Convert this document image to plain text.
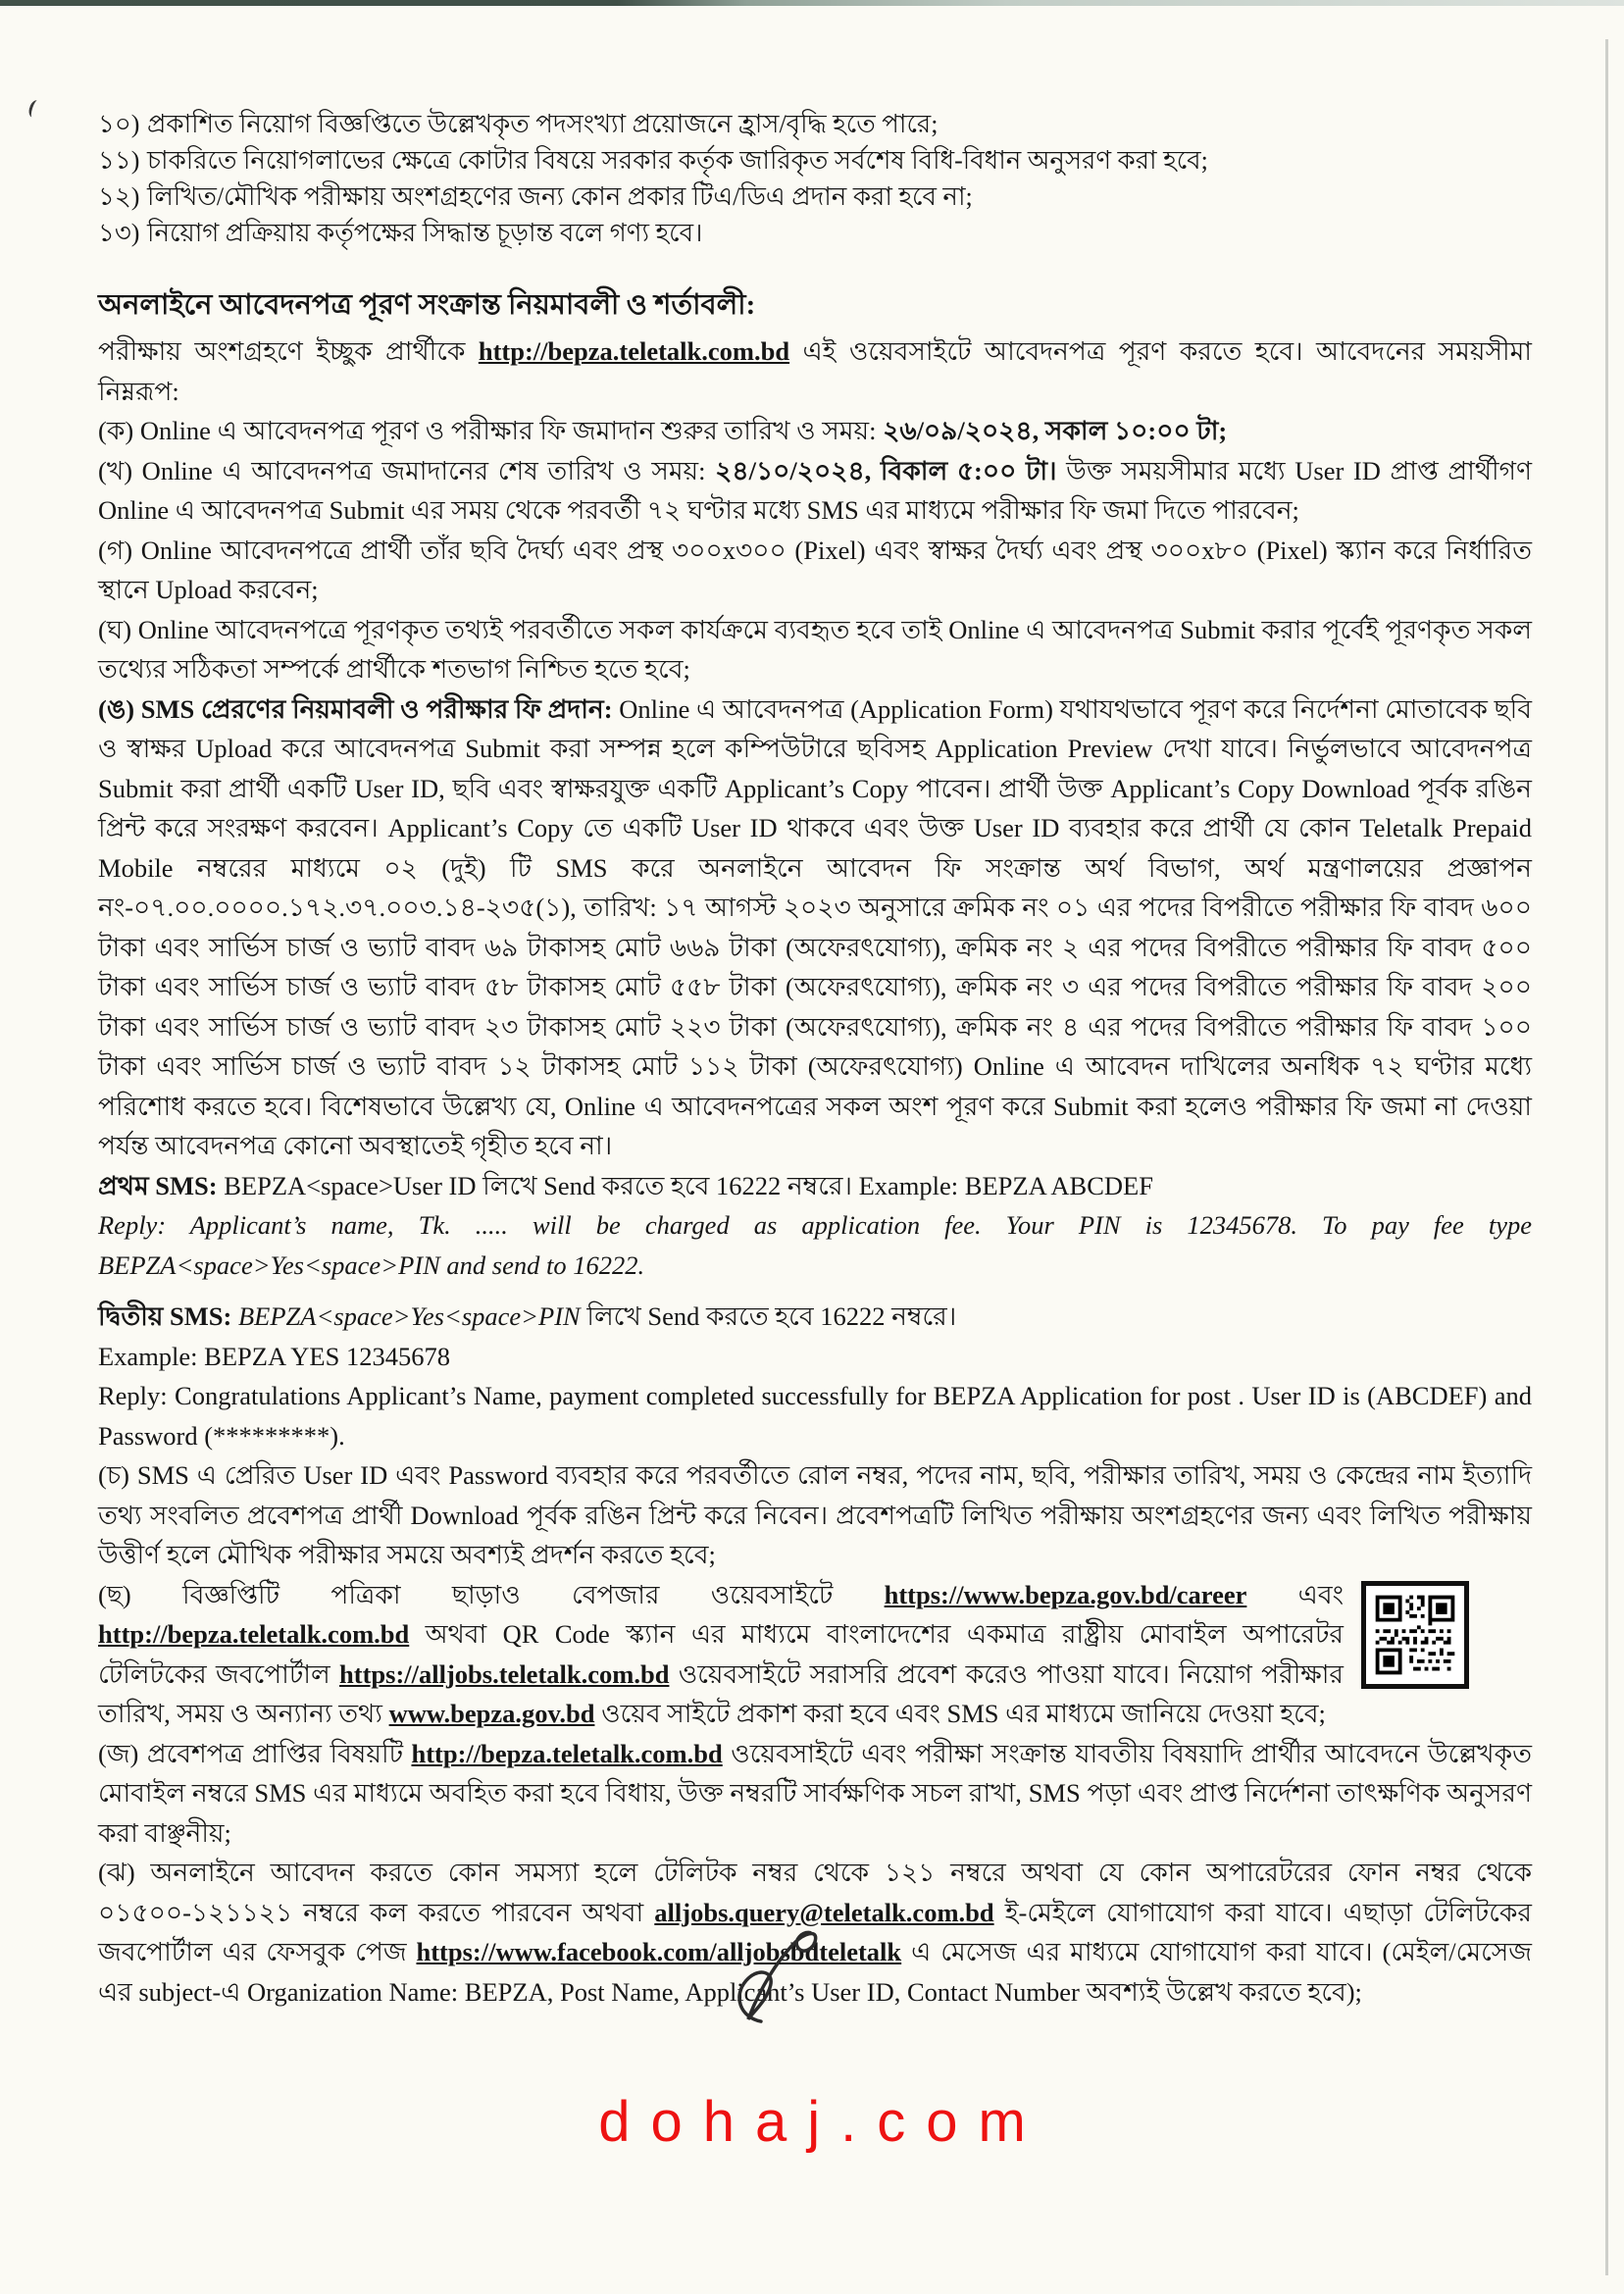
১০) প্রকাশিত নিয়োগ বিজ্ঞপ্তিতে উল্লেখকৃত পদসংখ্যা প্রয়োজনে হ্রাস/বৃদ্ধি হতে পারে;
১১) চাকরিতে নিয়োগলাভের ক্ষেত্রে কোটার বিষয়ে সরকার কর্তৃক জারিকৃত সর্বশেষ বিধি-বিধান অনুসরণ করা হবে;
১২) লিখিত/মৌখিক পরীক্ষায় অংশগ্রহণের জন্য কোন প্রকার টিএ/ডিএ প্রদান করা হবে না;
১৩) নিয়োগ প্রক্রিয়ায় কর্তৃপক্ষের সিদ্ধান্ত চূড়ান্ত বলে গণ্য হবে।
অনলাইনে আবেদনপত্র পূরণ সংক্রান্ত নিয়মাবলী ও শর্তাবলী:

পরীক্ষায় অংশগ্রহণে ইচ্ছুক প্রার্থীকে http://bepza.teletalk.com.bd এই ওয়েবসাইটে আবেদনপত্র পূরণ করতে হবে। আবেদনের সময়সীমা নিম্নরূপ:

(ক) Online এ আবেদনপত্র পূরণ ও পরীক্ষার ফি জমাদান শুরুর তারিখ ও সময়: ২৬/০৯/২০২৪, সকাল ১০:০০ টা;

(খ) Online এ আবেদনপত্র জমাদানের শেষ তারিখ ও সময়: ২৪/১০/২০২৪, বিকাল ৫:০০ টা। উক্ত সময়সীমার মধ্যে User ID প্রাপ্ত প্রার্থীগণ Online এ আবেদনপত্র Submit এর সময় থেকে পরবর্তী ৭২ ঘণ্টার মধ্যে SMS এর মাধ্যমে পরীক্ষার ফি জমা দিতে পারবেন;

(গ) Online আবেদনপত্রে প্রার্থী তাঁর ছবি দৈর্ঘ্য এবং প্রস্থ ৩০০x৩০০ (Pixel) এবং স্বাক্ষর দৈর্ঘ্য এবং প্রস্থ ৩০০x৮০ (Pixel) স্ক্যান করে নির্ধারিত স্থানে Upload করবেন;

(ঘ) Online আবেদনপত্রে পূরণকৃত তথ্যই পরবর্তীতে সকল কার্যক্রমে ব্যবহৃত হবে তাই Online এ আবেদনপত্র Submit করার পূর্বেই পূরণকৃত সকল তথ্যের সঠিকতা সম্পর্কে প্রার্থীকে শতভাগ নিশ্চিত হতে হবে;

(ঙ) SMS প্রেরণের নিয়মাবলী ও পরীক্ষার ফি প্রদান: Online এ আবেদনপত্র (Application Form) যথাযথভাবে পূরণ করে নির্দেশনা মোতাবেক ছবি ও স্বাক্ষর Upload করে আবেদনপত্র Submit করা সম্পন্ন হলে কম্পিউটারে ছবিসহ Application Preview দেখা যাবে। নির্ভুলভাবে আবেদনপত্র Submit করা প্রার্থী একটি User ID, ছবি এবং স্বাক্ষরযুক্ত একটি Applicant’s Copy পাবেন। প্রার্থী উক্ত Applicant’s Copy Download পূর্বক রঙিন প্রিন্ট করে সংরক্ষণ করবেন। Applicant’s Copy তে একটি User ID থাকবে এবং উক্ত User ID ব্যবহার করে প্রার্থী যে কোন Teletalk Prepaid Mobile নম্বরের মাধ্যমে ০২ (দুই) টি SMS করে অনলাইনে আবেদন ফি সংক্রান্ত অর্থ বিভাগ, অর্থ মন্ত্রণালয়ের প্রজ্ঞাপন নং-০৭.০০.০০০০.১৭২.৩৭.০০৩.১৪-২৩৫(১), তারিখ: ১৭ আগস্ট ২০২৩ অনুসারে ক্রমিক নং ০১ এর পদের বিপরীতে পরীক্ষার ফি বাবদ ৬০০ টাকা এবং সার্ভিস চার্জ ও ভ্যাট বাবদ ৬৯ টাকাসহ মোট ৬৬৯ টাকা (অফেরৎযোগ্য), ক্রমিক নং ২ এর পদের বিপরীতে পরীক্ষার ফি বাবদ ৫০০ টাকা এবং সার্ভিস চার্জ ও ভ্যাট বাবদ ৫৮ টাকাসহ মোট ৫৫৮ টাকা (অফেরৎযোগ্য), ক্রমিক নং ৩ এর পদের বিপরীতে পরীক্ষার ফি বাবদ ২০০ টাকা এবং সার্ভিস চার্জ ও ভ্যাট বাবদ ২৩ টাকাসহ মোট ২২৩ টাকা (অফেরৎযোগ্য), ক্রমিক নং ৪ এর পদের বিপরীতে পরীক্ষার ফি বাবদ ১০০ টাকা এবং সার্ভিস চার্জ ও ভ্যাট বাবদ ১২ টাকাসহ মোট ১১২ টাকা (অফেরৎযোগ্য) Online এ আবেদন দাখিলের অনধিক ৭২ ঘণ্টার মধ্যে পরিশোধ করতে হবে। বিশেষভাবে উল্লেখ্য যে, Online এ আবেদনপত্রের সকল অংশ পূরণ করে Submit করা হলেও পরীক্ষার ফি জমা না দেওয়া পর্যন্ত আবেদনপত্র কোনো অবস্থাতেই গৃহীত হবে না।

প্রথম SMS: BEPZA<space>User ID লিখে Send করতে হবে 16222 নম্বরে। Example: BEPZA ABCDEF

Reply: Applicant’s name, Tk. ..... will be charged as application fee. Your PIN is 12345678. To pay fee type BEPZA<space>Yes<space>PIN and send to 16222.

দ্বিতীয় SMS: BEPZA<space>Yes<space>PIN লিখে Send করতে হবে 16222 নম্বরে।

Example: BEPZA YES 12345678

Reply: Congratulations Applicant’s Name, payment completed successfully for BEPZA Application for post . User ID is (ABCDEF) and Password (*********).

(চ) SMS এ প্রেরিত User ID এবং Password ব্যবহার করে পরবর্তীতে রোল নম্বর, পদের নাম, ছবি, পরীক্ষার তারিখ, সময় ও কেন্দ্রের নাম ইত্যাদি তথ্য সংবলিত প্রবেশপত্র প্রার্থী Download পূর্বক রঙিন প্রিন্ট করে নিবেন। প্রবেশপত্রটি লিখিত পরীক্ষায় অংশগ্রহণের জন্য এবং লিখিত পরীক্ষায় উত্তীর্ণ হলে মৌখিক পরীক্ষার সময়ে অবশ্যই প্রদর্শন করতে হবে;

(ছ) বিজ্ঞপ্তিটি পত্রিকা ছাড়াও বেপজার ওয়েবসাইটে https://www.bepza.gov.bd/career এবং http://bepza.teletalk.com.bd অথবা QR Code স্ক্যান এর মাধ্যমে বাংলাদেশের একমাত্র রাষ্ট্রীয় মোবাইল অপারেটর টেলিটকের জবপোর্টাল https://alljobs.teletalk.com.bd ওয়েবসাইটে সরাসরি প্রবেশ করেও পাওয়া যাবে। নিয়োগ পরীক্ষার তারিখ, সময় ও অন্যান্য তথ্য www.bepza.gov.bd ওয়েব সাইটে প্রকাশ করা হবে এবং SMS এর মাধ্যমে জানিয়ে দেওয়া হবে;

(জ) প্রবেশপত্র প্রাপ্তির বিষয়টি http://bepza.teletalk.com.bd ওয়েবসাইটে এবং পরীক্ষা সংক্রান্ত যাবতীয় বিষয়াদি প্রার্থীর আবেদনে উল্লেখকৃত মোবাইল নম্বরে SMS এর মাধ্যমে অবহিত করা হবে বিধায়, উক্ত নম্বরটি সার্বক্ষণিক সচল রাখা, SMS পড়া এবং প্রাপ্ত নির্দেশনা তাৎক্ষণিক অনুসরণ করা বাঞ্ছনীয়;

(ঝ) অনলাইনে আবেদন করতে কোন সমস্যা হলে টেলিটক নম্বর থেকে ১২১ নম্বরে অথবা যে কোন অপারেটরের ফোন নম্বর থেকে ০১৫০০-১২১১২১ নম্বরে কল করতে পারবেন অথবা alljobs.query@teletalk.com.bd ই-মেইলে যোগাযোগ করা যাবে। এছাড়া টেলিটকের জবপোর্টাল এর ফেসবুক পেজ https://www.facebook.com/alljobsbdteletalk এ মেসেজ এর মাধ্যমে যোগাযোগ করা যাবে। (মেইল/মেসেজ এর subject-এ Organization Name: BEPZA, Post Name, Applicant’s User ID, Contact Number অবশ্যই উল্লেখ করতে হবে);

dohaj.com
